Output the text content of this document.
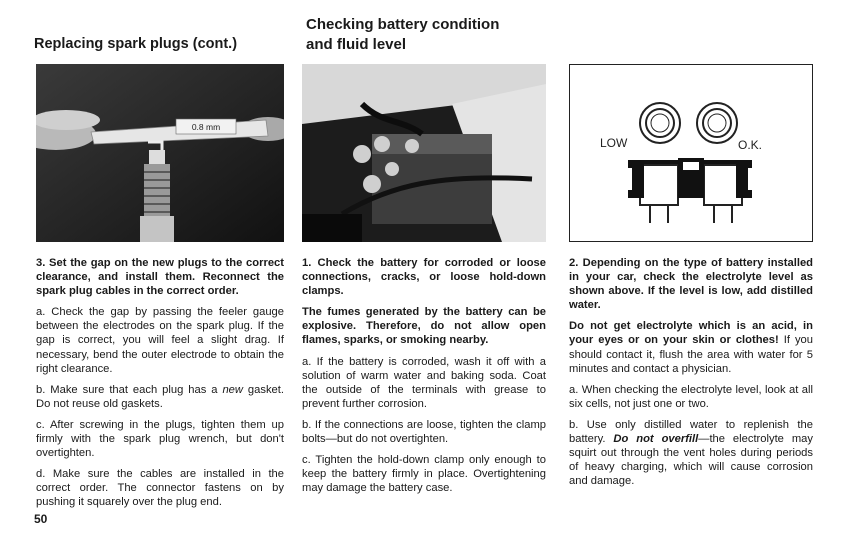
Replacing spark plugs (cont.)
Checking battery condition
and fluid level
0.8 mm
LOW	O.K.

3. Set the gap on the new plugs to the correct clearance, and install them. Reconnect the spark plug cables in the correct order.

a. Check the gap by passing the feeler gauge between the electrodes on the spark plug. If the gap is correct, you will feel a slight drag. If necessary, bend the outer electrode to obtain the right clearance.

b. Make sure that each plug has a new gasket. Do not reuse old gaskets.

c. After screwing in the plugs, tighten them up firmly with the spark plug wrench, but don't overtighten.

d. Make sure the cables are installed in the correct order. The connector fastens on by pushing it squarely over the plug end.

1. Check the battery for corroded or loose connections, cracks, or loose hold-down clamps.

The fumes generated by the battery can be explosive. Therefore, do not allow open flames, sparks, or smoking nearby.

a. If the battery is corroded, wash it off with a solution of warm water and baking soda. Coat the outside of the terminals with grease to prevent further corrosion.

b. If the connections are loose, tighten the clamp bolts—but do not overtighten.

c. Tighten the hold-down clamp only enough to keep the battery firmly in place. Overtightening may damage the battery case.

2. Depending on the type of battery installed in your car, check the electrolyte level as shown above. If the level is low, add distilled water.

Do not get electrolyte which is an acid, in your eyes or on your skin or clothes! If you should contact it, flush the area with water for 5 minutes and contact a physician.

a. When checking the electrolyte level, look at all six cells, not just one or two.

b. Use only distilled water to replenish the battery. Do not overfill—the electrolyte may squirt out through the vent holes during periods of heavy charging, which will cause corrosion and damage.

50
